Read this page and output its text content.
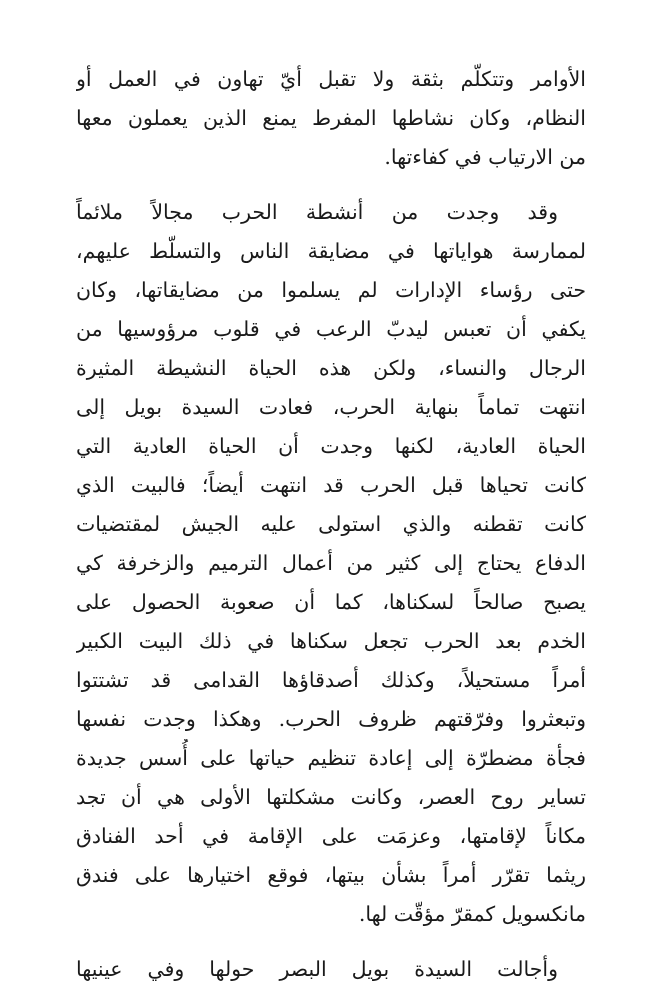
الأوامر وتتكلّم بثقة ولا تقبل أيّ تهاون في العمل أو
النظام، وكان نشاطها المفرط يمنع الذين يعملون معها
من الارتياب في كفاءتها.
وقد وجدت من أنشطة الحرب مجالاً ملائماً
لممارسة هواياتها في مضايقة الناس والتسلّط عليهم،
حتى رؤساء الإدارات لم يسلموا من مضايقاتها، وكان
يكفي أن تعبس ليدبّ الرعب في قلوب مرؤوسيها من
الرجال والنساء، ولكن هذه الحياة النشيطة المثيرة
انتهت تماماً بنهاية الحرب، فعادت السيدة بويل إلى
الحياة العادية، لكنها وجدت أن الحياة العادية التي
كانت تحياها قبل الحرب قد انتهت أيضاً؛ فالبيت الذي
كانت تقطنه والذي استولى عليه الجيش لمقتضيات
الدفاع يحتاج إلى كثير من أعمال الترميم والزخرفة كي
يصبح صالحاً لسكناها، كما أن صعوبة الحصول على
الخدم بعد الحرب تجعل سكناها في ذلك البيت الكبير
أمراً مستحيلاً، وكذلك أصدقاؤها القدامى قد تشتتوا
وتبعثروا وفرّقتهم ظروف الحرب. وهكذا وجدت نفسها
فجأة مضطرّة إلى إعادة تنظيم حياتها على أُسس جديدة
تساير روح العصر، وكانت مشكلتها الأولى هي أن تجد
مكاناً لإقامتها، وعزمَت على الإقامة في أحد الفنادق
ريثما تقرّر أمراً بشأن بيتها، فوقع اختيارها على فندق
مانكسويل كمقرّ مؤقّت لها.
وأجالت السيدة بويل البصر حولها وفي عينيها
